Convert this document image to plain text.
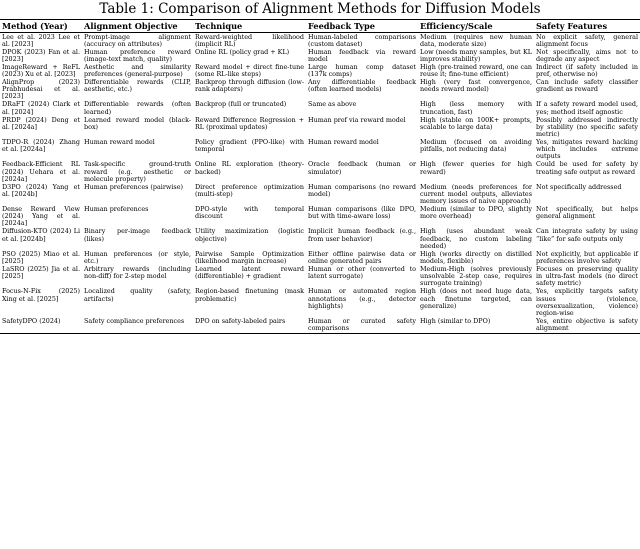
Table 1: Comparison of Alignment Methods for Diffusion Models
Method (Year)	Alignment Objective	Technique	Feedback Type	Efficiency/Scale	Safety Features
Lee et al. 2023 Lee et al. [2023]	Prompt-image alignment (accuracy on attributes)	Reward-weighted likelihood (implicit RL)	Human-labeled comparisons (custom dataset)	Medium (requires new human data, moderate size)	No explicit safety, general alignment focus
DPOK (2023) Fan et al. [2023]	Human preference reward (image-text match, quality)	Online RL (policy grad + KL)	Human feedback via reward model	Low (needs many samples, but KL improves stability)	Not specifically, aims not to degrade any aspect
ImageReward + ReFL (2023) Xu et al. [2023]	Aesthetic and similarity preferences (general-purpose)	Reward model + direct fine-tune (some RL-like steps)	Large human comp dataset (137k comps)	High (pre-trained reward, one can reuse it; fine-tune efficient)	Indirect (if safety included in pref, otherwise no)
AlignProp (2023) Prabhudesai et al. [2023]	Differentiable rewards (CLIP, aesthetic, etc.)	Backprop through diffusion (low-rank adapters)	Any differentiable feedback (often learned models)	High (very fast convergence, needs reward model)	Can include safety classifier gradient as reward
DRaFT (2024) Clark et al. [2024]	Differentiable rewards (often learned)	Backprop (full or truncated)	Same as above	High (less memory with truncation, fast)	If a safety reward model used, yes; method itself agnostic
PRDP (2024) Deng et al. [2024a]	Learned reward model (black-box)	Reward Difference Regression + RL (proximal updates)	Human pref via reward model	High (stable on 100K+ prompts, scalable to large data)	Possibly addressed indirectly by stability (no specific safety metric)
TDPO-R (2024) Zhang et al. [2024a]	Human reward model	Policy gradient (PPO-like) with temporal	Human reward model	Medium (focused on avoiding pitfalls, not reducing data)	Yes, mitigates reward hacking which includes extreme outputs
Feedback-Efficient RL (2024) Uehara et al. [2024a]	Task-specific ground-truth reward (e.g. aesthetic or molecule property)	Online RL exploration (theory-backed)	Oracle feedback (human or simulator)	High (fewer queries for high reward)	Could be used for safety by treating safe output as reward
D3PO (2024) Yang et al. [2024b]	Human preferences (pairwise)	Direct preference optimization (multi-step)	Human comparisons (no reward model)	Medium (needs preferences for current model outputs, alleviates memory issues of naive approach)	Not specifically addressed
Dense Reward View (2024) Yang et al. [2024a]	Human preferences	DPO-style with temporal discount	Human comparisons (like DPO, but with time-aware loss)	Medium (similar to DPO, slightly more overhead)	Not specifically, but helps general alignment
Diffusion-KTO (2024) Li et al. [2024b]	Binary per-image feedback (likes)	Utility maximization (logistic objective)	Implicit human feedback (e.g., from user behavior)	High (uses abundant weak feedback, no custom labeling needed)	Can integrate safety by using “like” for safe outputs only
PSO (2025) Miao et al. [2025]	Human preferences (or style, etc.)	Pairwise Sample Optimization (likelihood margin increase)	Either offline pairwise data or online generated pairs	High (works directly on distilled models, flexible)	Not explicitly, but applicable if preferences involve safety
LaSRO (2025) Jia et al. [2025]	Arbitrary rewards (including non-diff) for 2-step model	Learned latent reward (differentiable) + gradient	Human or other (converted to latent surrogate)	Medium-High (solves previously unsolvable 2-step case, requires surrogate training)	Focuses on preserving quality in ultra-fast models (no direct safety metric)
Focus-N-Fix (2025) Xing et al. [2025]	Localized quality (safety, artifacts)	Region-based finetuning (mask problematic)	Human or automated region annotations (e.g., detector highlights)	High (does not need huge data, each finetune targeted, can generalize)	Yes, explicitly targets safety issues (violence, oversexualization, violence) region-wise
SafetyDPO (2024)	Safety compliance preferences	DPO on safety-labeled pairs	Human or curated safety comparisons	High (similar to DPO)	Yes, entire objective is safety alignment
